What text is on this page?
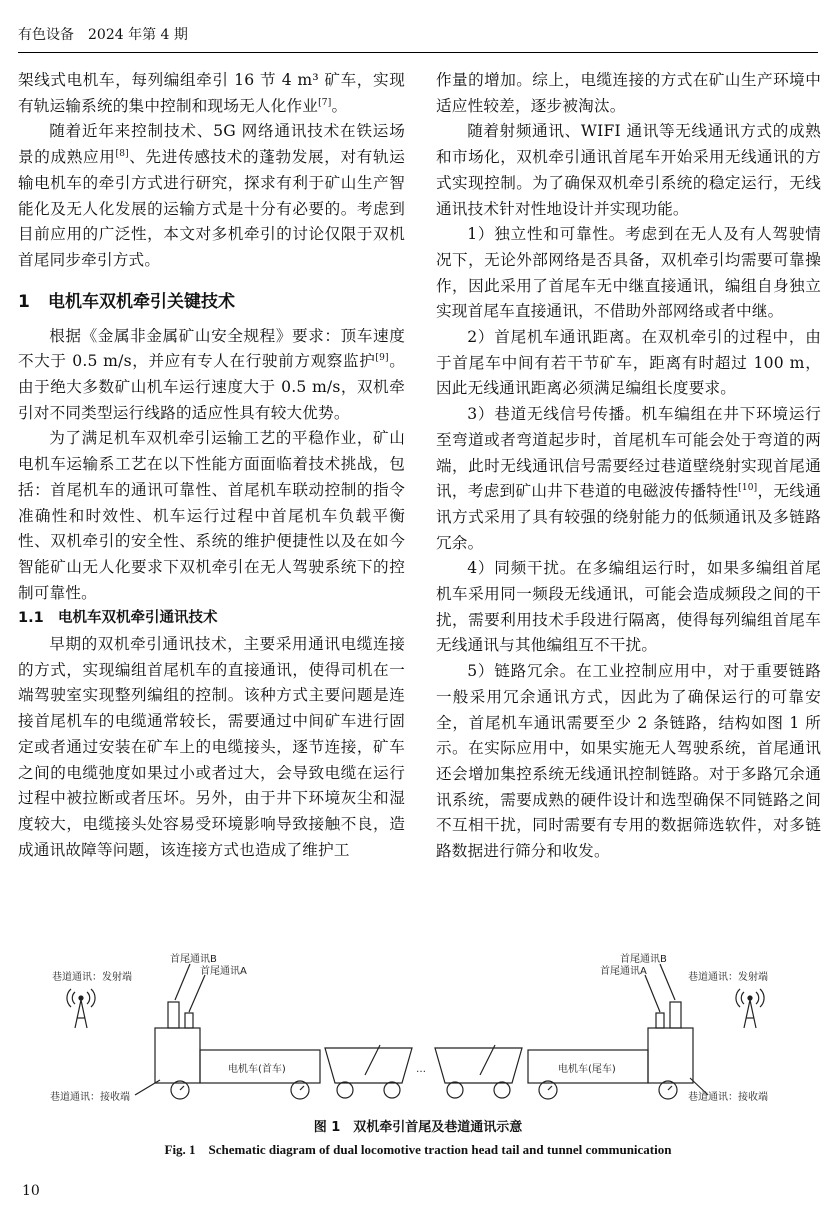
有色设备　2024 年第 4 期

架线式电机车，每列编组牵引 16 节 4 m³ 矿车，实现有轨运输系统的集中控制和现场无人化作业[7]。

随着近年来控制技术、5G 网络通讯技术在铁运场景的成熟应用[8]、先进传感技术的蓬勃发展，对有轨运输电机车的牵引方式进行研究，探求有利于矿山生产智能化及无人化发展的运输方式是十分有必要的。考虑到目前应用的广泛性，本文对多机牵引的讨论仅限于双机首尾同步牵引方式。

1 电机车双机牵引关键技术

根据《金属非金属矿山安全规程》要求：顶车速度不大于 0.5 m/s，并应有专人在行驶前方观察监护[9]。由于绝大多数矿山机车运行速度大于 0.5 m/s，双机牵引对不同类型运行线路的适应性具有较大优势。

为了满足机车双机牵引运输工艺的平稳作业，矿山电机车运输系工艺在以下性能方面面临着技术挑战，包括：首尾机车的通讯可靠性、首尾机车联动控制的指令准确性和时效性、机车运行过程中首尾机车负载平衡性、双机牵引的安全性、系统的维护便捷性以及在如今智能矿山无人化要求下双机牵引在无人驾驶系统下的控制可靠性。

1.1 电机车双机牵引通讯技术

早期的双机牵引通讯技术，主要采用通讯电缆连接的方式，实现编组首尾机车的直接通讯，使得司机在一端驾驶室实现整列编组的控制。该种方式主要问题是连接首尾机车的电缆通常较长，需要通过中间矿车进行固定或者通过安装在矿车上的电缆接头，逐节连接，矿车之间的电缆弛度如果过小或者过大，会导致电缆在运行过程中被拉断或者压坏。另外，由于井下环境灰尘和湿度较大，电缆接头处容易受环境影响导致接触不良，造成通讯故障等问题，该连接方式也造成了维护工

作量的增加。综上，电缆连接的方式在矿山生产环境中适应性较差，逐步被淘汰。

随着射频通讯、WIFI 通讯等无线通讯方式的成熟和市场化，双机牵引通讯首尾车开始采用无线通讯的方式实现控制。为了确保双机牵引系统的稳定运行，无线通讯技术针对性地设计并实现功能。

1）独立性和可靠性。考虑到在无人及有人驾驶情况下，无论外部网络是否具备，双机牵引均需要可靠操作，因此采用了首尾车无中继直接通讯，编组自身独立实现首尾车直接通讯，不借助外部网络或者中继。

2）首尾机车通讯距离。在双机牵引的过程中，由于首尾车中间有若干节矿车，距离有时超过 100 m，因此无线通讯距离必须满足编组长度要求。

3）巷道无线信号传播。机车编组在井下环境运行至弯道或者弯道起步时，首尾机车可能会处于弯道的两端，此时无线通讯信号需要经过巷道壁绕射实现首尾通讯，考虑到矿山井下巷道的电磁波传播特性[10]，无线通讯方式采用了具有较强的绕射能力的低频通讯及多链路冗余。

4）同频干扰。在多编组运行时，如果多编组首尾机车采用同一频段无线通讯，可能会造成频段之间的干扰，需要利用技术手段进行隔离，使得每列编组首尾车无线通讯与其他编组互不干扰。

5）链路冗余。在工业控制应用中，对于重要链路一般采用冗余通讯方式，因此为了确保运行的可靠安全，首尾机车通讯需要至少 2 条链路，结构如图 1 所示。在实际应用中，如果实施无人驾驶系统，首尾通讯还会增加集控系统无线通讯控制链路。对于多路冗余通讯系统，需要成熟的硬件设计和选型确保不同链路之间不互相干扰，同时需要有专用的数据筛选软件，对多链路数据进行筛分和收发。

巷道通讯：发射端
首尾通讯B
首尾通讯A
巷道通讯：接收端
电机车(首车)	…	电机车(尾车)
首尾通讯B
首尾通讯A
巷道通讯：发射端
巷道通讯：接收端
图 1　双机牵引首尾及巷道通讯示意
Fig. 1　Schematic diagram of dual locomotive traction head tail and tunnel communication
10
